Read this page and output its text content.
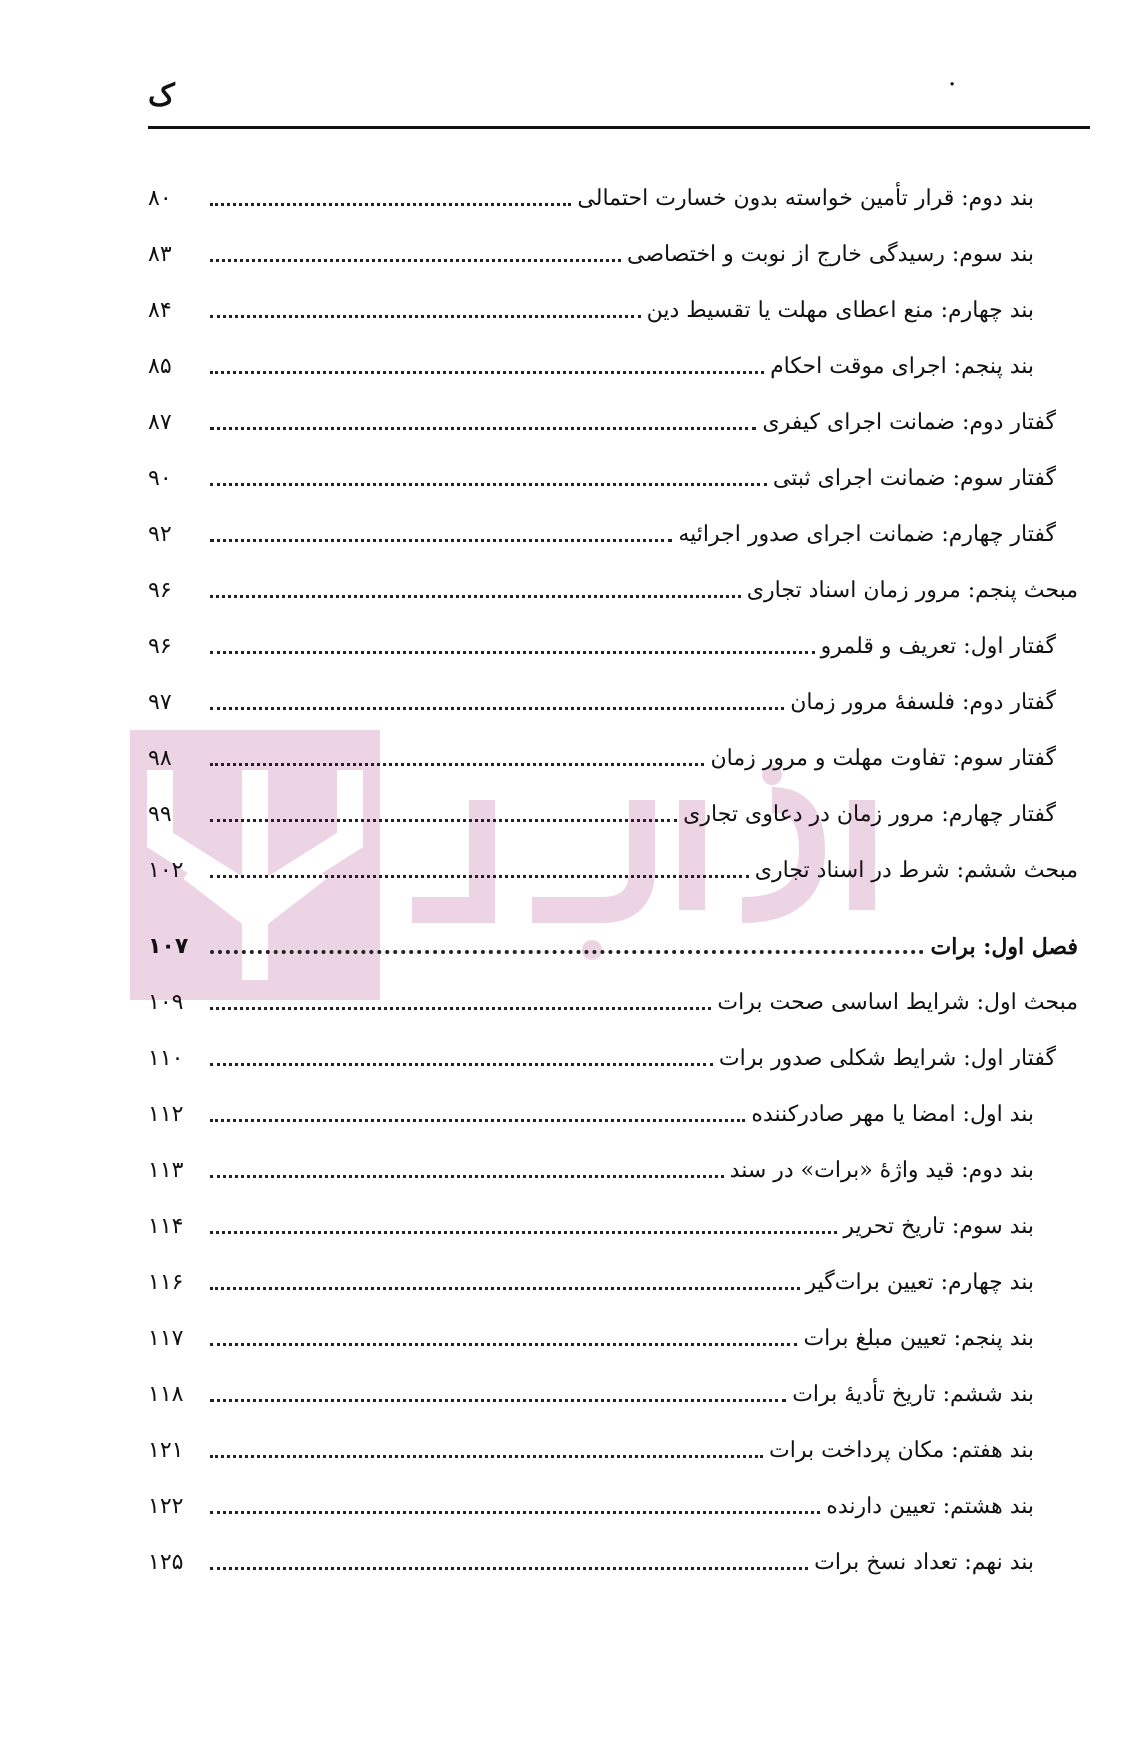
ک	·
۸۰	بند دوم: قرار تأمین خواسته بدون خسارت احتمالی
۸۳	بند سوم: رسیدگی خارج از نوبت و اختصاصی
۸۴	بند چهارم: منع اعطای مهلت یا تقسیط دین
۸۵	بند پنجم: اجرای موقت احکام
۸۷	گفتار دوم: ضمانت اجرای کیفری
۹۰	گفتار سوم: ضمانت اجرای ثبتی
۹۲	گفتار چهارم: ضمانت اجرای صدور اجرائیه
۹۶	مبحث پنجم: مرور زمان اسناد تجاری
۹۶	گفتار اول: تعریف و قلمرو
۹۷	گفتار دوم: فلسفهٔ مرور زمان
۹۸	گفتار سوم: تفاوت مهلت و مرور زمان
۹۹	گفتار چهارم: مرور زمان در دعاوی تجاری
۱۰۲	مبحث ششم: شرط در اسناد تجاری
۱۰۷	فصل اول: برات
۱۰۹	مبحث اول: شرایط اساسی صحت برات
۱۱۰	گفتار اول: شرایط شکلی صدور برات
۱۱۲	بند اول: امضا یا مهر صادرکننده
۱۱۳	بند دوم: قید واژهٔ «برات» در سند
۱۱۴	بند سوم: تاریخ تحریر
۱۱۶	بند چهارم: تعیین برات‌گیر
۱۱۷	بند پنجم: تعیین مبلغ برات
۱۱۸	بند ششم: تاریخ تأدیهٔ برات
۱۲۱	بند هفتم: مکان پرداخت برات
۱۲۲	بند هشتم: تعیین دارنده
۱۲۵	بند نهم: تعداد نسخ برات
